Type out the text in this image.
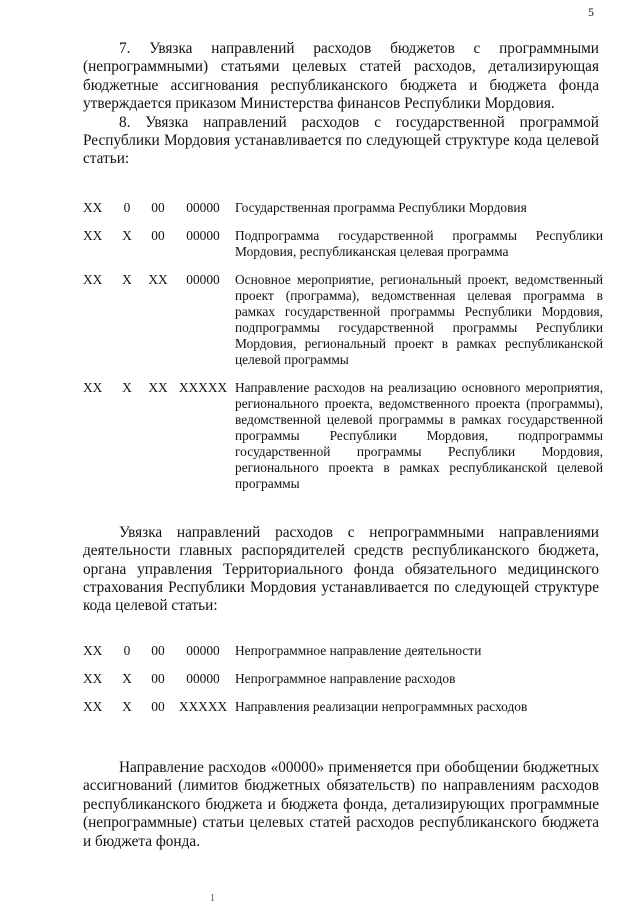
5

7. Увязка направлений расходов бюджетов с программными (непрограммными) статьями целевых статей расходов, детализирующая бюджетные ассигнования республиканского бюджета и бюджета фонда утверждается приказом Министерства финансов Республики Мордовия.

8. Увязка направлений расходов с государственной программой Республики Мордовия устанавливается по следующей структуре кода целевой статьи:

ХХ	0	00	00000	Государственная программа Республики Мордовия
ХХ	Х	00	00000	Подпрограмма государственной программы Республики Мордовия, республиканская целевая программа
ХХ	Х	ХХ	00000	Основное мероприятие, региональный проект, ведомственный проект (программа), ведомственная целевая программа в рамках государственной программы Республики Мордовия, подпрограммы государственной программы Республики Мордовия, региональный проект в рамках республиканской целевой программы
ХХ	Х	ХХ	ХХХХХ	Направление расходов на реализацию основного мероприятия, регионального проекта, ведомственного проекта (программы), ведомственной целевой программы в рамках государственной программы Республики Мордовия, подпрограммы государственной программы Республики Мордовия, регионального проекта в рамках республиканской целевой программы

Увязка направлений расходов с непрограммными направлениями деятельности главных распорядителей средств республиканского бюджета, органа управления Территориального фонда обязательного медицинского страхования Республики Мордовия устанавливается по следующей структуре кода целевой статьи:

ХХ	0	00	00000	Непрограммное направление деятельности
ХХ	Х	00	00000	Непрограммное направление расходов
ХХ	Х	00	ХХХХХ	Направления реализации непрограммных расходов

Направление расходов «00000» применяется при обобщении бюджетных ассигнований (лимитов бюджетных обязательств) по направлениям расходов республиканского бюджета и бюджета фонда, детализирующих программные (непрограммные) статьи целевых статей расходов республиканского бюджета и бюджета фонда.

1
